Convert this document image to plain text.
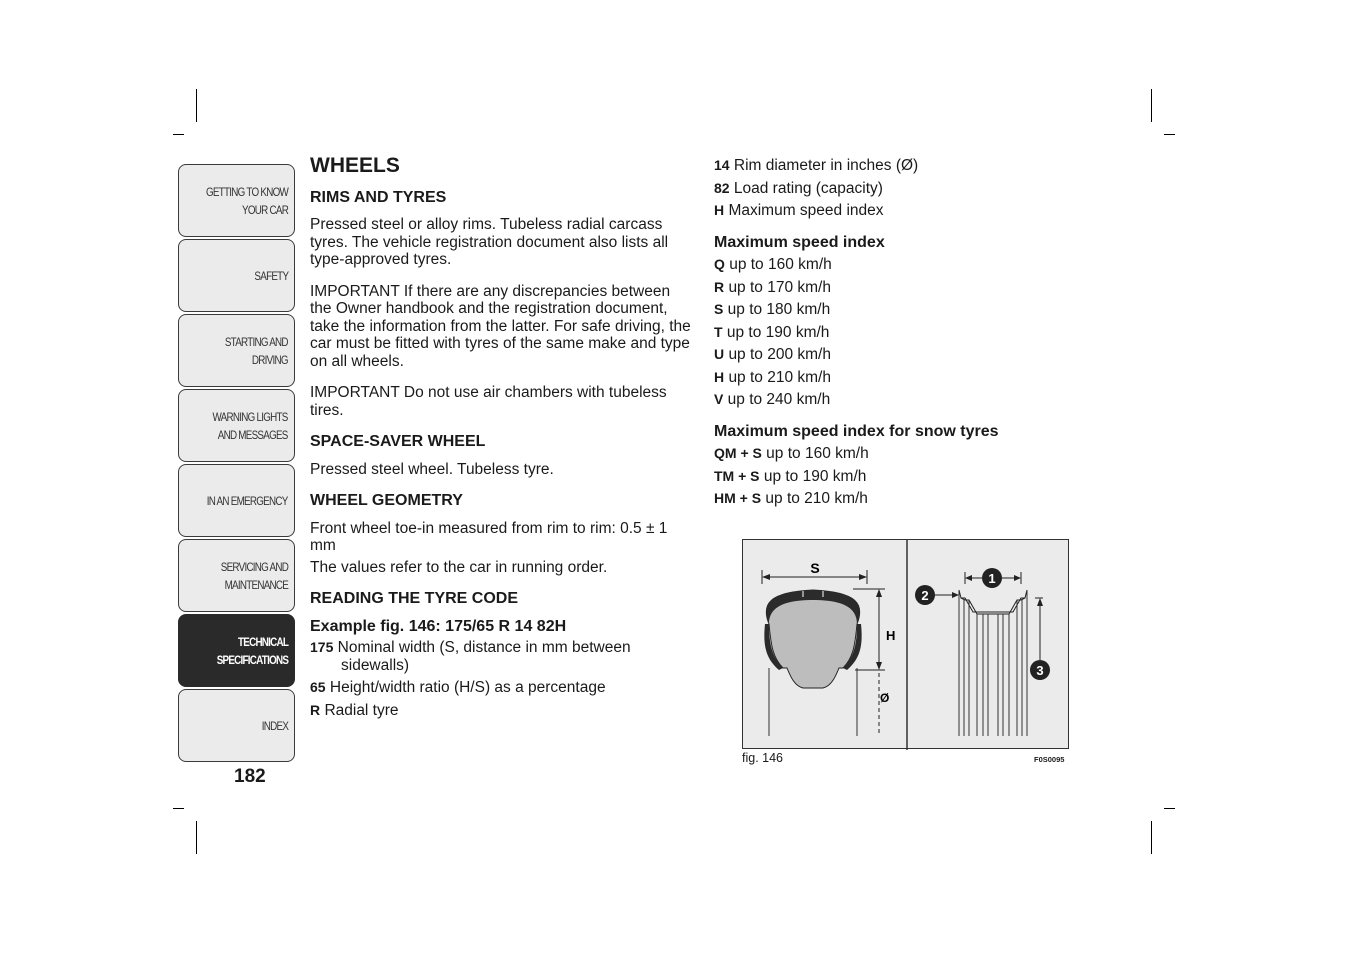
GETTING TO KNOW
YOUR CAR
SAFETY
STARTING AND
DRIVING
WARNING LIGHTS
AND MESSAGES
IN AN EMERGENCY
SERVICING AND
MAINTENANCE
TECHNICAL
SPECIFICATIONS
INDEX
182
WHEELS
RIMS AND TYRES

Pressed steel or alloy rims. Tubeless radial carcass tyres. The vehicle registration document also lists all type-approved tyres.

IMPORTANT If there are any discrepancies between the Owner handbook and the registration document, take the information from the latter. For safe driving, the car must be fitted with tyres of the same make and type on all wheels.

IMPORTANT Do not use air chambers with tubeless tires.

SPACE-SAVER WHEEL

Pressed steel wheel. Tubeless tyre.

WHEEL GEOMETRY

Front wheel toe-in measured from rim to rim: 0.5 ± 1 mm

The values refer to the car in running order.

READING THE TYRE CODE
Example fig. 146: 175/65 R 14 82H
175 Nominal width (S, distance in mm between sidewalls)
65 Height/width ratio (H/S) as a percentage
R Radial tyre
14 Rim diameter in inches (Ø)
82 Load rating (capacity)
H Maximum speed index
Maximum speed index
Q up to 160 km/h
R up to 170 km/h
S up to 180 km/h
T up to 190 km/h
U up to 200 km/h
H up to 210 km/h
V up to 240 km/h
Maximum speed index for snow tyres
QM + S up to 160 km/h
TM + S up to 190 km/h
HM + S up to 210 km/h
S
H
Ø
1
2
3
fig. 146	F0S0095
